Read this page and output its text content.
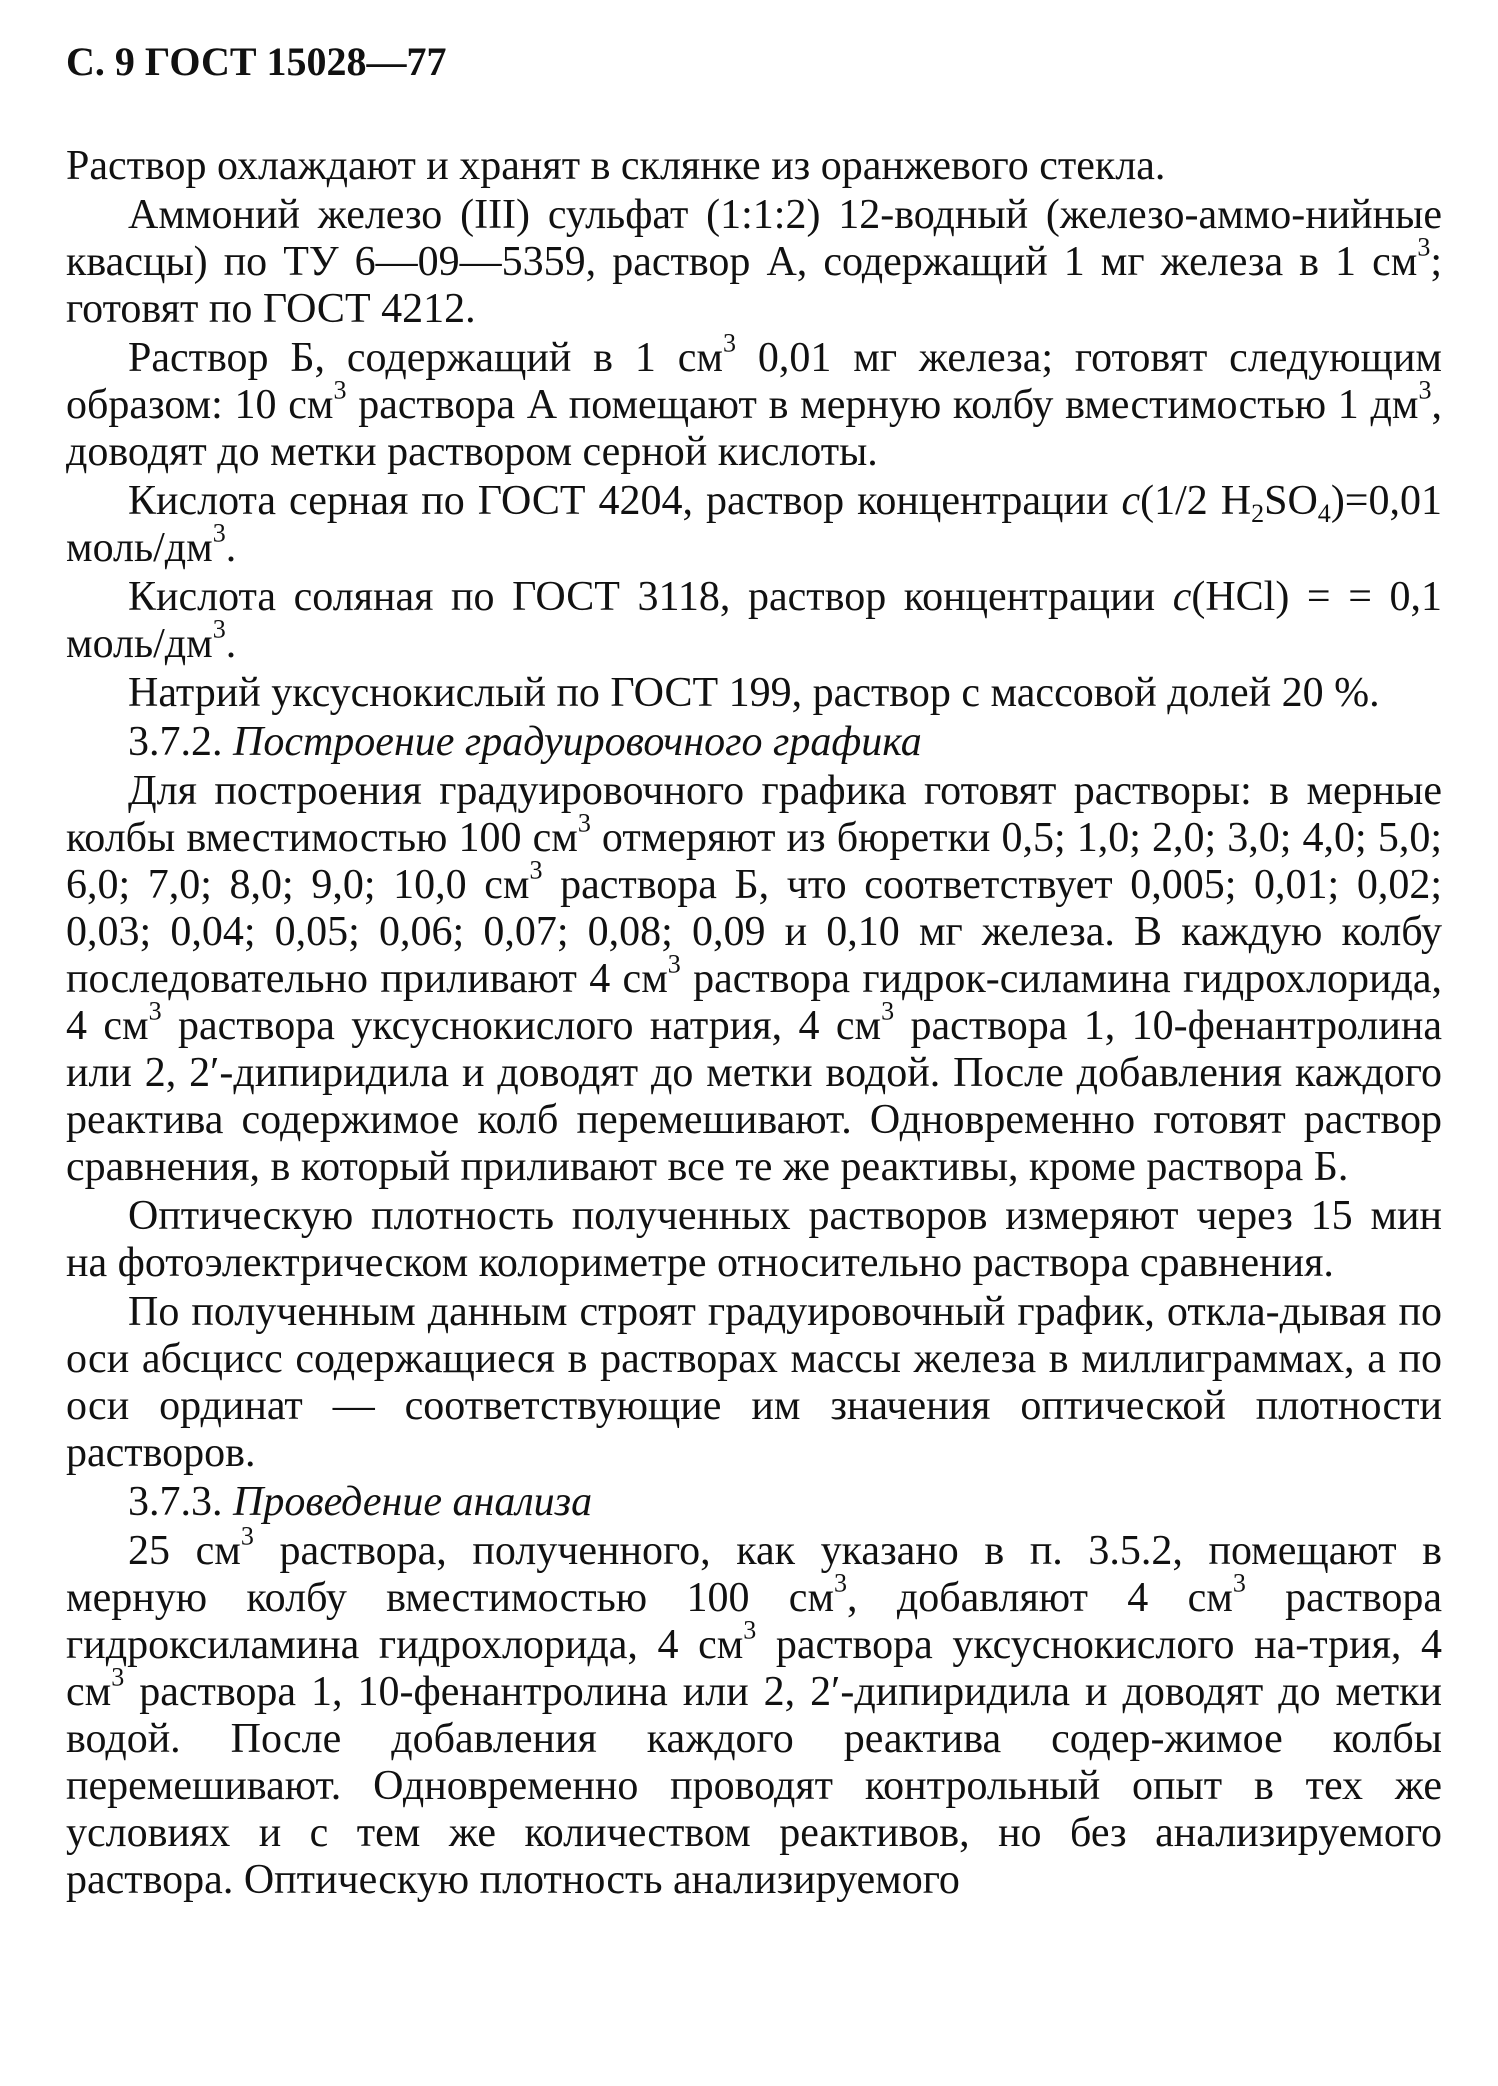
С. 9 ГОСТ 15028—77

Раствор охлаждают и хранят в склянке из оранжевого стекла.

Аммоний железо (III) сульфат (1:1:2) 12-водный (железо-аммо-нийные квасцы) по ТУ 6—09—5359, раствор А, содержащий 1 мг железа в 1 $см^3$; готовят по ГОСТ 4212.

Раствор Б, содержащий в 1 $см^3$ 0,01 мг железа; готовят следующим образом: 10 $см^3$ раствора А помещают в мерную колбу вместимостью 1 $дм^3$, доводят до метки раствором серной кислоты.

Кислота серная по ГОСТ 4204, раствор концентрации c(1/2 $H_2SO_4)=0,01$ моль/$дм^3$.

Кислота соляная по ГОСТ 3118, раствор концентрации c(HCl) = = 0,1 моль/$дм^3$.

Натрий уксуснокислый по ГОСТ 199, раствор с массовой долей 20 %.

3.7.2. Построение градуировочного графика

Для построения градуировочного графика готовят растворы: в мерные колбы вместимостью 100 $см^3$ отмеряют из бюретки 0,5; 1,0; 2,0; 3,0; 4,0; 5,0; 6,0; 7,0; 8,0; 9,0; 10,0 $см^3$ раствора Б, что соответствует 0,005; 0,01; 0,02; 0,03; 0,04; 0,05; 0,06; 0,07; 0,08; 0,09 и 0,10 мг железа. В каждую колбу последовательно приливают 4 $см^3$ раствора гидрок-силамина гидрохлорида, 4 $см^3$ раствора уксуснокислого натрия, 4 $см^3$ раствора 1, 10-фенантролина или 2, 2′-дипиридила и доводят до метки водой. После добавления каждого реактива содержимое колб перемешивают. Одновременно готовят раствор сравнения, в который приливают все те же реактивы, кроме раствора Б.

Оптическую плотность полученных растворов измеряют через 15 мин на фотоэлектрическом колориметре относительно раствора сравнения.

По полученным данным строят градуировочный график, откла-дывая по оси абсцисс содержащиеся в растворах массы железа в миллиграммах, а по оси ординат — соответствующие им значения оптической плотности растворов.

3.7.3. Проведение анализа

25 $см^3$ раствора, полученного, как указано в п. 3.5.2, помещают в мерную колбу вместимостью 100 $см^3$, добавляют 4 $см^3$ раствора гидроксиламина гидрохлорида, 4 $см^3$ раствора уксуснокислого на-трия, 4 $см^3$ раствора 1, 10-фенантролина или 2, 2′-дипиридила и доводят до метки водой. После добавления каждого реактива содер-жимое колбы перемешивают. Одновременно проводят контрольный опыт в тех же условиях и с тем же количеством реактивов, но без анализируемого раствора. Оптическую плотность анализируемого
